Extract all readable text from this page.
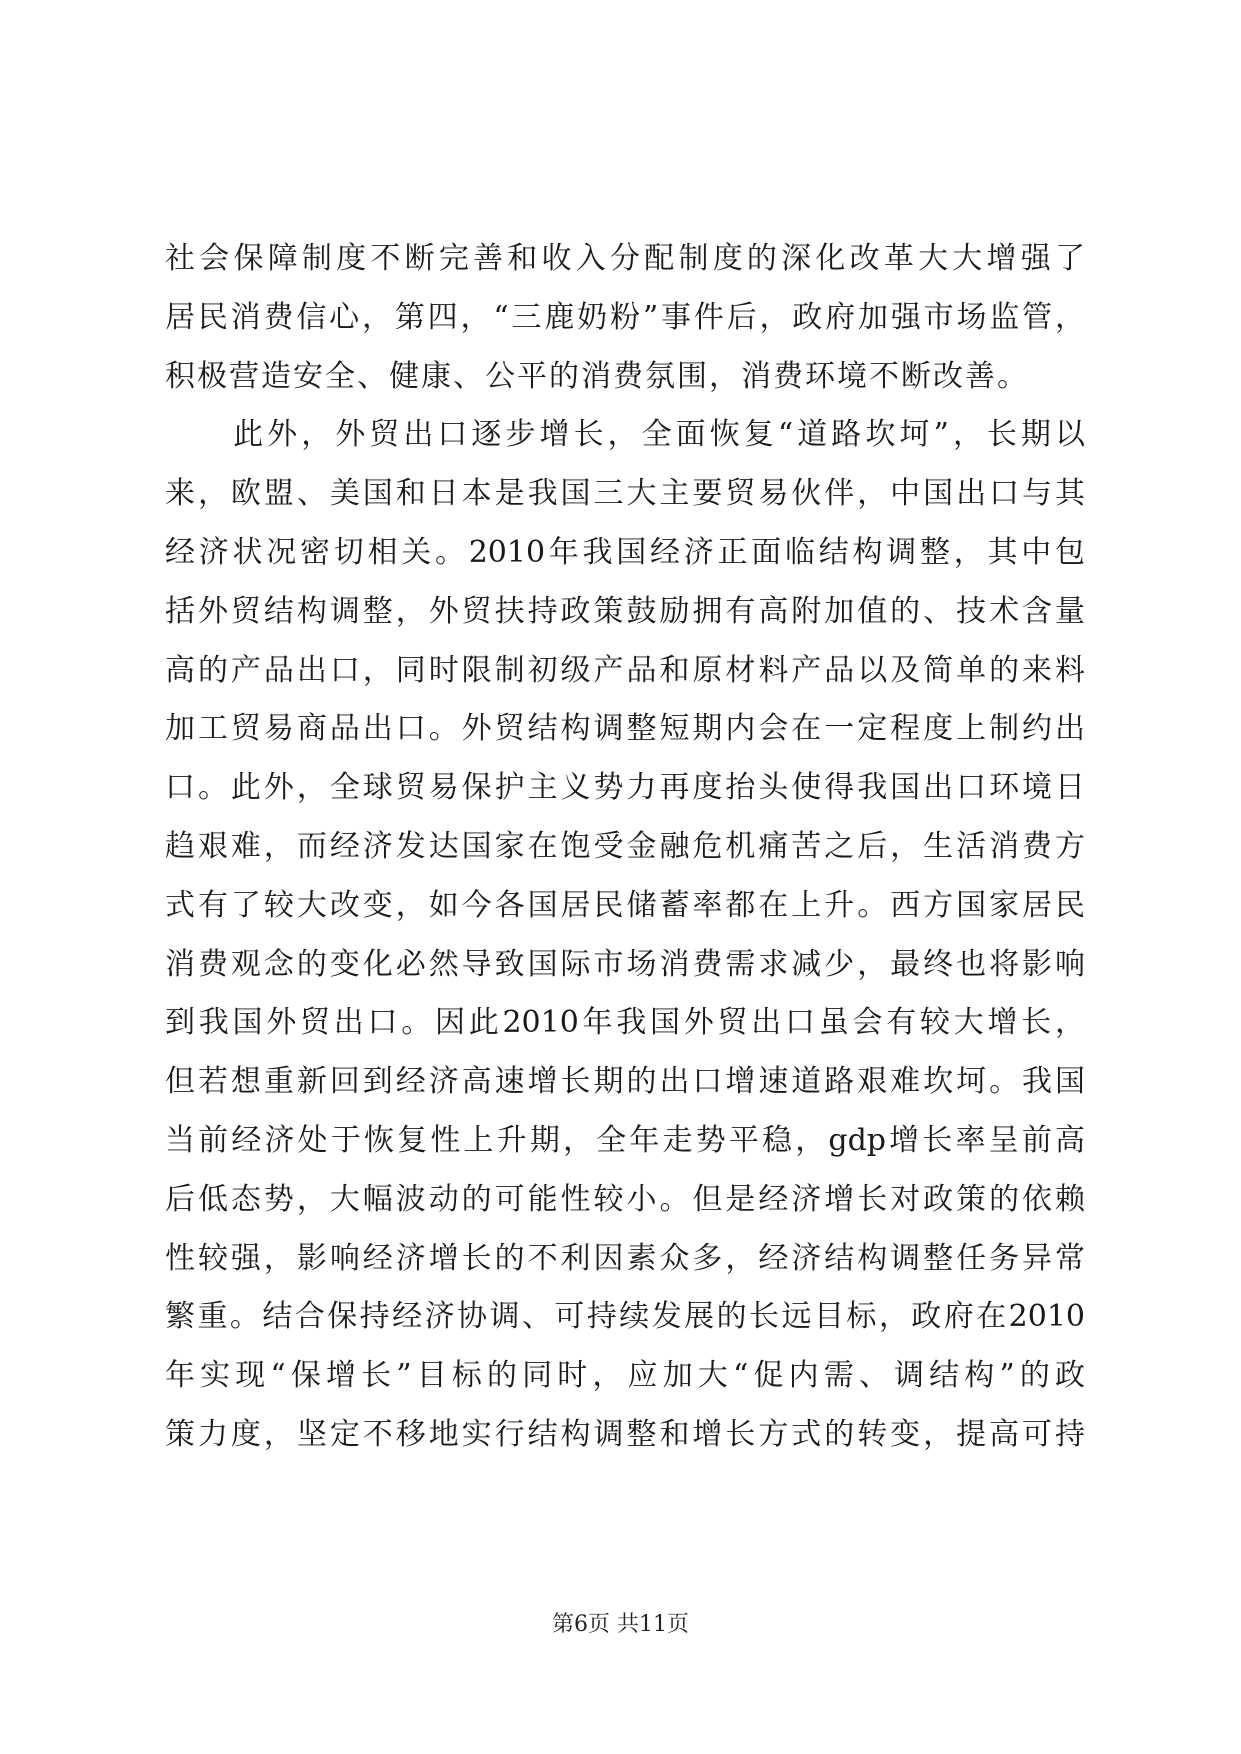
社会保障制度不断完善和收入分配制度的深化改革大大增强了
居民消费信心，第四，“三鹿奶粉”事件后，政府加强市场监管，
积极营造安全、健康、公平的消费氛围，消费环境不断改善。
　　此外，外贸出口逐步增长，全面恢复“道路坎坷”，长期以
来，欧盟、美国和日本是我国三大主要贸易伙伴，中国出口与其
经济状况密切相关。2010年我国经济正面临结构调整，其中包
括外贸结构调整，外贸扶持政策鼓励拥有高附加值的、技术含量
高的产品出口，同时限制初级产品和原材料产品以及简单的来料
加工贸易商品出口。外贸结构调整短期内会在一定程度上制约出
口。此外，全球贸易保护主义势力再度抬头使得我国出口环境日
趋艰难，而经济发达国家在饱受金融危机痛苦之后，生活消费方
式有了较大改变，如今各国居民储蓄率都在上升。西方国家居民
消费观念的变化必然导致国际市场消费需求减少，最终也将影响
到我国外贸出口。因此2010年我国外贸出口虽会有较大增长，
但若想重新回到经济高速增长期的出口增速道路艰难坎坷。我国
当前经济处于恢复性上升期，全年走势平稳，gdp增长率呈前高
后低态势，大幅波动的可能性较小。但是经济增长对政策的依赖
性较强，影响经济增长的不利因素众多，经济结构调整任务异常
繁重。结合保持经济协调、可持续发展的长远目标，政府在2010
年实现“保增长”目标的同时，应加大“促内需、调结构”的政
策力度，坚定不移地实行结构调整和增长方式的转变，提高可持
第6页 共11页
